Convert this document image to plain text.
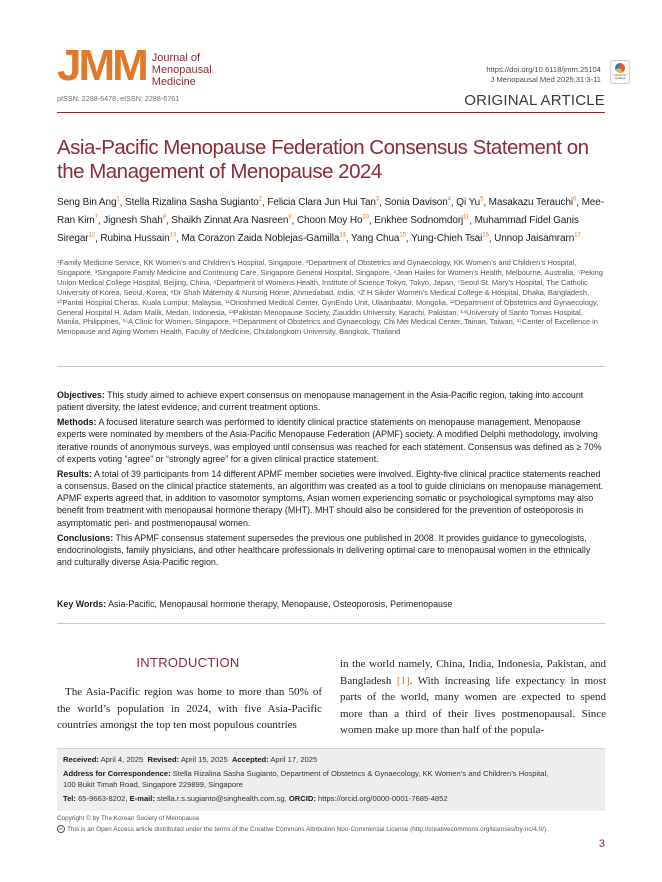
JMM Journal of
Menopausal
Medicine
https://doi.org/10.6118/jmm.25104
J Menopausal Med 2025;31:3-11	Check for updates
pISSN: 2288-6478, eISSN: 2288-6761	ORIGINAL ARTICLE
Asia-Pacific Menopause Federation Consensus Statement on the Management of Menopause 2024
Seng Bin Ang$^1$, Stella Rizalina Sasha Sugianto$^2$, Felicia Clara Jun Hui Tan$^3$, Sonia Davison$^4$, Qi Yu$^5$, Masakazu Terauchi$^6$, Mee-Ran Kim$^7$, Jignesh Shah$^8$, Shaikh Zinnat Ara Nasreen$^9$, Choon Moy Ho$^{10}$, Enkhee Sodnomdorj$^{11}$, Muhammad Fidel Ganis Siregar$^{12}$, Rubina Hussain$^{13}$, Ma Corazon Zaida Noblejas-Gamilla$^{14}$, Yang Chua$^{15}$, Yung-Chieh Tsai$^{16}$, Unnop Jaisamrarn$^{17}$
¹Family Medicine Service, KK Women’s and Children’s Hospital, Singapore, ²Department of Obstetrics and Gynaecology, KK Women’s and Children’s Hospital, Singapore, ³Singapore Family Medicine and Continuing Care, Singapore General Hospital, Singapore, ⁴Jean Hailes for Women’s Health, Melbourne, Australia, ⁵Peking Union Medical College Hospital, Beijing, China, ⁶Department of Womens Health, Institute of Science Tokyo, Tokyo, Japan, ⁷Seoul St. Mary’s Hospital, The Catholic University of Korea, Seoul, Korea, ⁸Dr Shah Maternity & Nursing Home, Ahmedabad, India, ⁹Z H Sikder Women’s Medical College & Hospital, Dhaka, Bangladesh, ¹⁰Pantai Hospital Cheras, Kuala Lumpur, Malaysia, ¹¹Onoshmed Medical Center, GynEndo Unit, Ulaanbaatar, Mongolia, ¹²Department of Obstetrics and Gynaecology, General Hospital H. Adam Malik, Medan, Indonesia, ¹³Pakistan Menopause Society, Ziauddin University, Karachi, Pakistan, ¹⁴University of Santo Tomas Hospital, Manila, Philippines, ¹⁵A Clinic for Women, Singapore, ¹⁶Department of Obstetrics and Gynaecology, Chi Mei Medical Center, Tainan, Taiwan, ¹⁷Center of Excellence in Menopause and Aging Women Health, Faculty of Medicine, Chulalongkorn University, Bangkok, Thailand

Objectives: This study aimed to achieve expert consensus on menopause management in the Asia-Pacific region, taking into account patient diversity, the latest evidence, and current treatment options.

Methods: A focused literature search was performed to identify clinical practice statements on menopause management. Menopause experts were nominated by members of the Asia-Pacific Menopause Federation (APMF) society. A modified Delphi methodology, involving iterative rounds of anonymous surveys, was employed until consensus was reached for each statement. Consensus was defined as ≥ 70% of experts voting “agree” or “strongly agree” for a given clinical practice statement.

Results: A total of 39 participants from 14 different APMF member societies were involved. Eighty-five clinical practice statements reached a consensus. Based on the clinical practice statements, an algorithm was created as a tool to guide clinicians on menopause management. APMF experts agreed that, in addition to vasomotor symptoms, Asian women experiencing somatic or psychological symptoms may also benefit from treatment with menopausal hormone therapy (MHT). MHT should also be considered for the prevention of osteoporosis in asymptomatic peri- and postmenopausal women.

Conclusions: This APMF consensus statement supersedes the previous one published in 2008. It provides guidance to gynecologists, endocrinologists, family physicians, and other healthcare professionals in delivering optimal care to menopausal women in the ethnically and culturally diverse Asia-Pacific region.

Key Words: Asia-Pacific, Menopausal hormone therapy, Menopause, Osteoporosis, Perimenopause
INTRODUCTION
The Asia-Pacific region was home to more than 50% of the world’s population in 2024, with five Asia-Pacific countries amongst the top ten most populous countries
in the world namely, China, India, Indonesia, Pakistan, and Bangladesh [1]. With increasing life expectancy in most parts of the world, many women are expected to spend more than a third of their lives postmenopausal. Since women make up more than half of the popula-
Received: April 4, 2025 Revised: April 15, 2025 Accepted: April 17, 2025
Address for Correspondence: Stella Rizalina Sasha Sugianto, Department of Obstetrics & Gynaecology, KK Women’s and Children’s Hospital,
100 Bukit Timah Road, Singapore 229899, Singapore
Tel: 65-9663-8202, E-mail: stella.r.s.sugianto@singhealth.com.sg, ORCID: https://orcid.org/0000-0001-7685-4852
Copyright © by The Korean Society of Menopause
cc This is an Open Access article distributed under the terms of the Creative Commons Attribution Non-Commercial License (http://creativecommons.org/licenses/by-nc/4.0/).
3
